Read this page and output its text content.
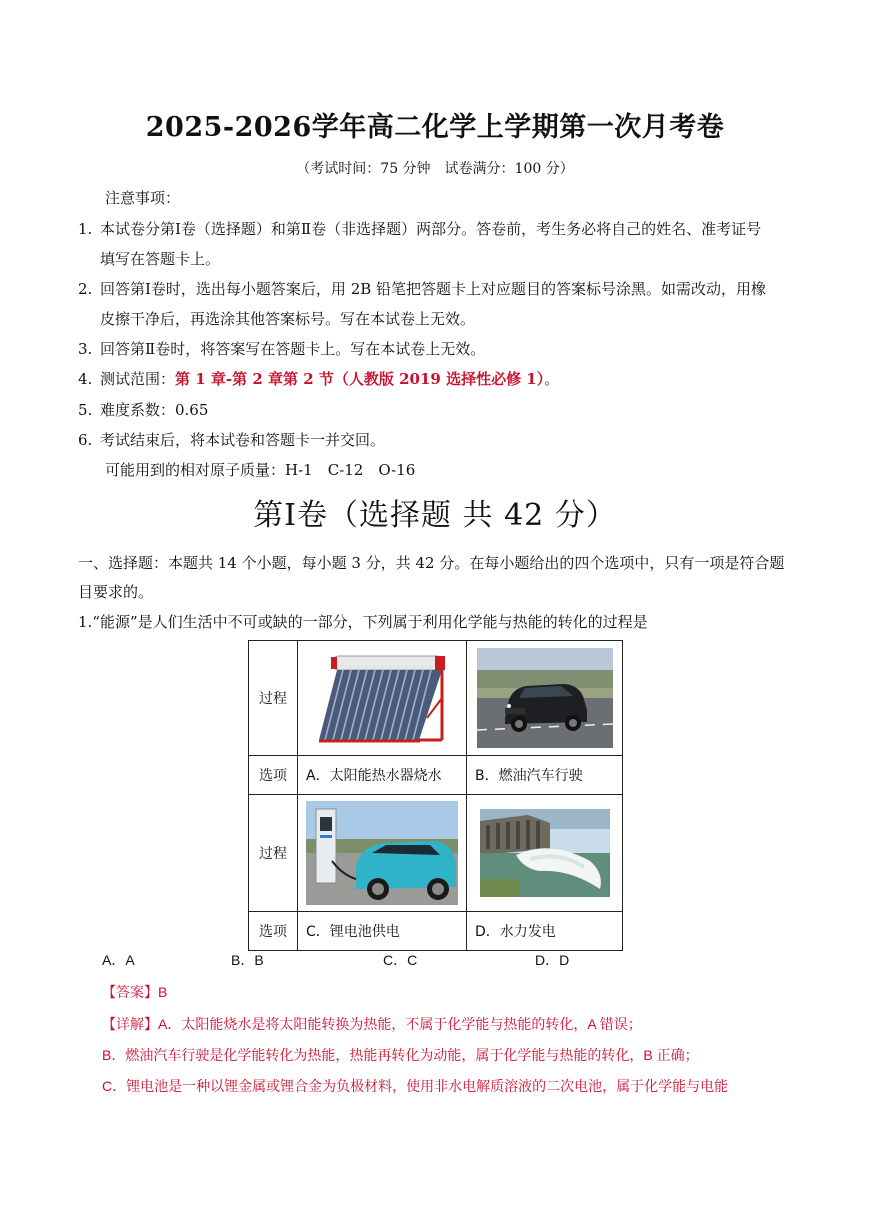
2025-2026学年高二化学上学期第一次月考卷
（考试时间：75 分钟　试卷满分：100 分）
注意事项：
1. 本试卷分第Ⅰ卷（选择题）和第Ⅱ卷（非选择题）两部分。答卷前，考生务必将自己的姓名、准考证号
填写在答题卡上。
2. 回答第Ⅰ卷时，选出每小题答案后，用 2B 铅笔把答题卡上对应题目的答案标号涂黑。如需改动，用橡
皮擦干净后，再选涂其他答案标号。写在本试卷上无效。
3. 回答第Ⅱ卷时，将答案写在答题卡上。写在本试卷上无效。
4. 测试范围：第 1 章-第 2 章第 2 节（人教版 2019 选择性必修 1）。
5. 难度系数：0.65
6. 考试结束后，将本试卷和答题卡一并交回。
可能用到的相对原子质量：H-1　C-12　O-16
第Ⅰ卷（选择题 共 42 分）
一、选择题：本题共 14 个小题，每小题 3 分，共 42 分。在每小题给出的四个选项中，只有一项是符合题
目要求的。
1.“能源”是人们生活中不可或缺的一部分，下列属于利用化学能与热能的转化的过程是
过程	

选项	A．太阳能热水器烧水	B．燃油汽车行驶
过程	

选项	C．锂电池供电	D．水力发电
A．A	B．B	C．C	D．D
【答案】B
【详解】A．太阳能烧水是将太阳能转换为热能，不属于化学能与热能的转化，A 错误；
B．燃油汽车行驶是化学能转化为热能，热能再转化为动能，属于化学能与热能的转化，B 正确；
C．锂电池是一种以锂金属或锂合金为负极材料，使用非水电解质溶液的二次电池，属于化学能与电能
